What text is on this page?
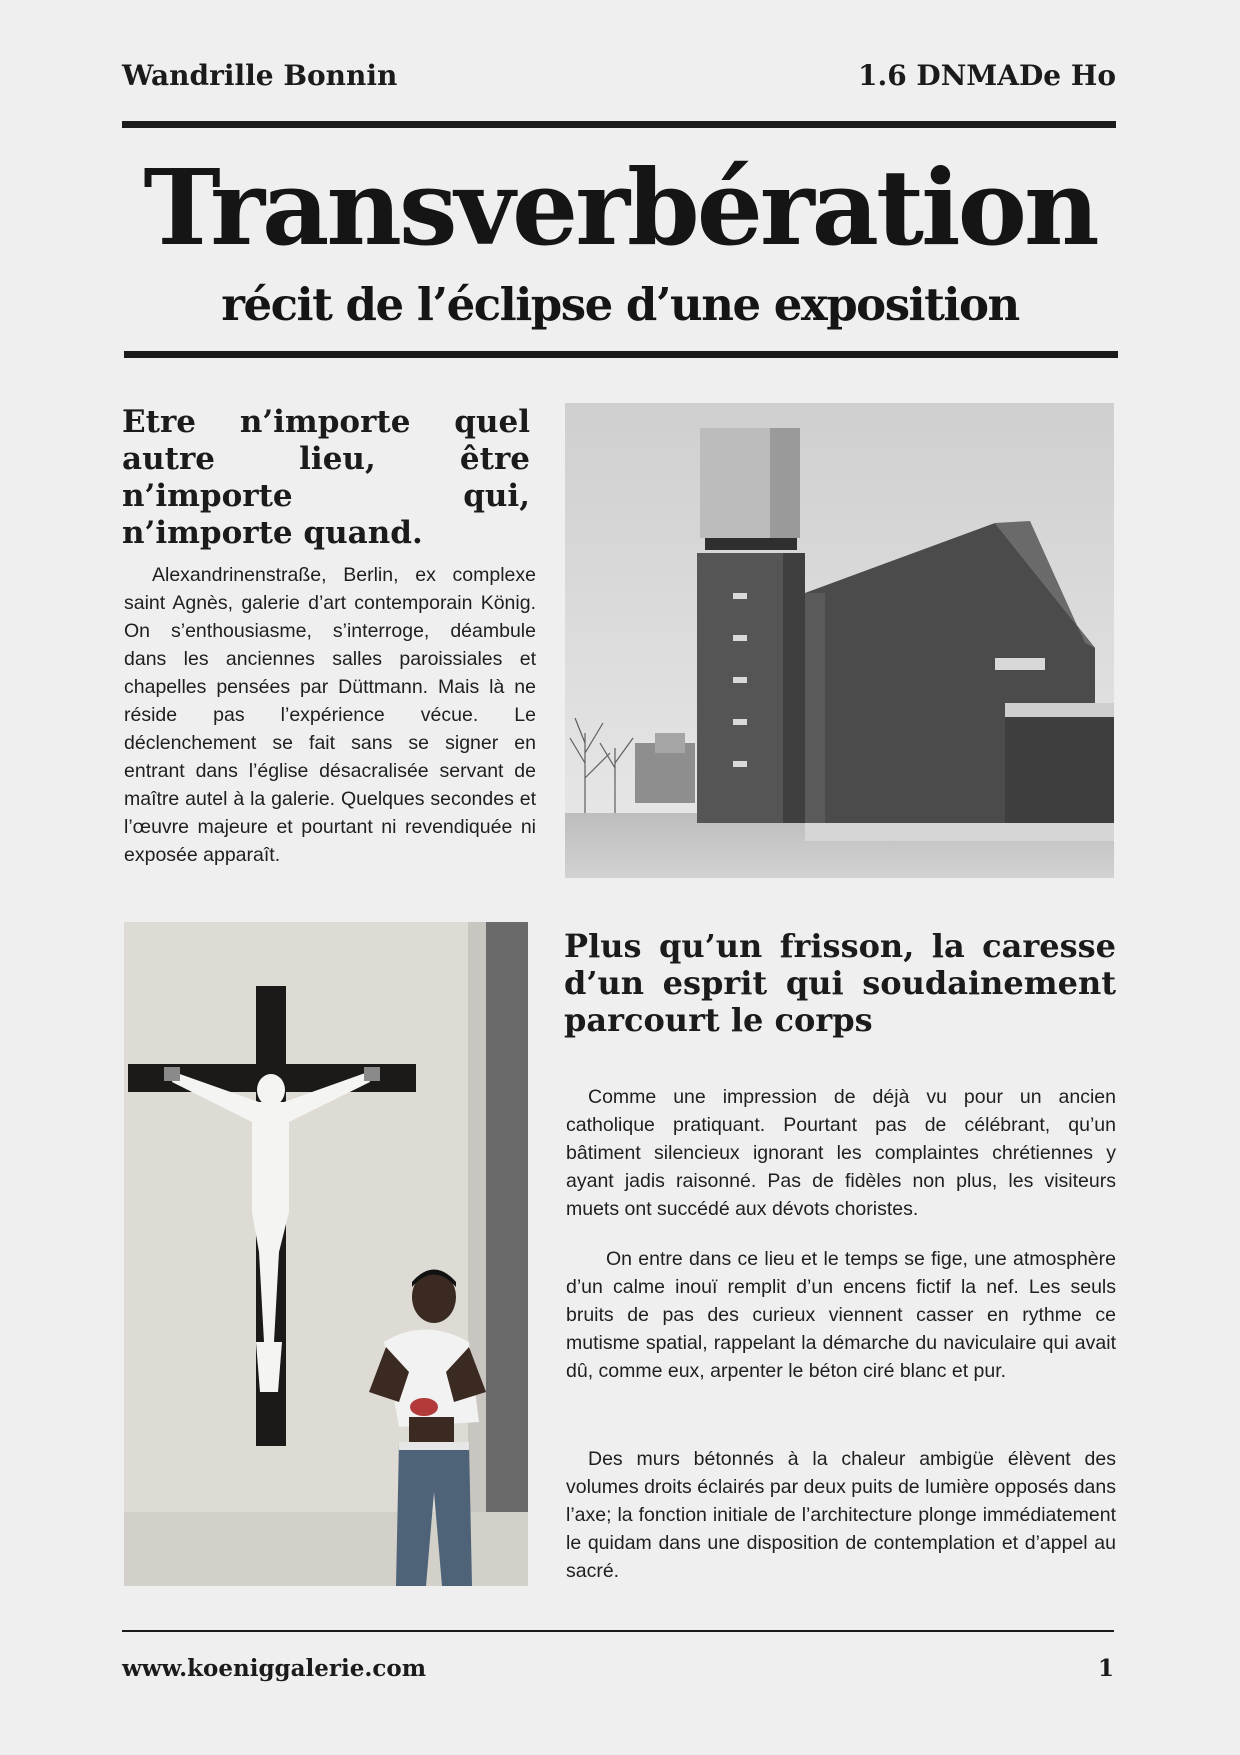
Wandrille Bonnin	1.6 DNMADe Ho
Transverbération
récit de l’éclipse d’une exposition
Etre n’importe quel autre lieu, être n’importe qui, n’importe quand.

Alexandrinenstraße, Berlin, ex complexe saint Agnès, galerie d’art contemporain König. On s’enthousiasme, s’interroge, déambule dans les anciennes salles paroissiales et chapelles pensées par Düttmann. Mais là ne réside pas l’expérience vécue. Le déclenchement se fait sans se signer en entrant dans l’église désacralisée servant de maître autel à la galerie. Quelques secondes et l’œuvre majeure et pourtant ni revendiquée ni exposée apparaît.

Plus qu’un frisson, la caresse d’un esprit qui soudainement parcourt le corps

Comme une impression de déjà vu pour un ancien catholique pratiquant. Pourtant pas de célébrant, qu’un bâtiment silencieux ignorant les complaintes chrétiennes y ayant jadis raisonné. Pas de fidèles non plus, les visiteurs muets ont succédé aux dévots choristes.

On entre dans ce lieu et le temps se fige, une atmosphère d’un calme inouï remplit d’un encens fictif la nef. Les seuls bruits de pas des curieux viennent casser en rythme ce mutisme spatial, rappelant la démarche du naviculaire qui avait dû, comme eux, arpenter le béton ciré blanc et pur.

Des murs bétonnés à la chaleur ambigüe élèvent des volumes droits éclairés par deux puits de lumière opposés dans l’axe; la fonction initiale de l’architecture plonge immédiatement le quidam dans une disposition de contemplation et d’appel au sacré.

www.koeniggalerie.com	1
